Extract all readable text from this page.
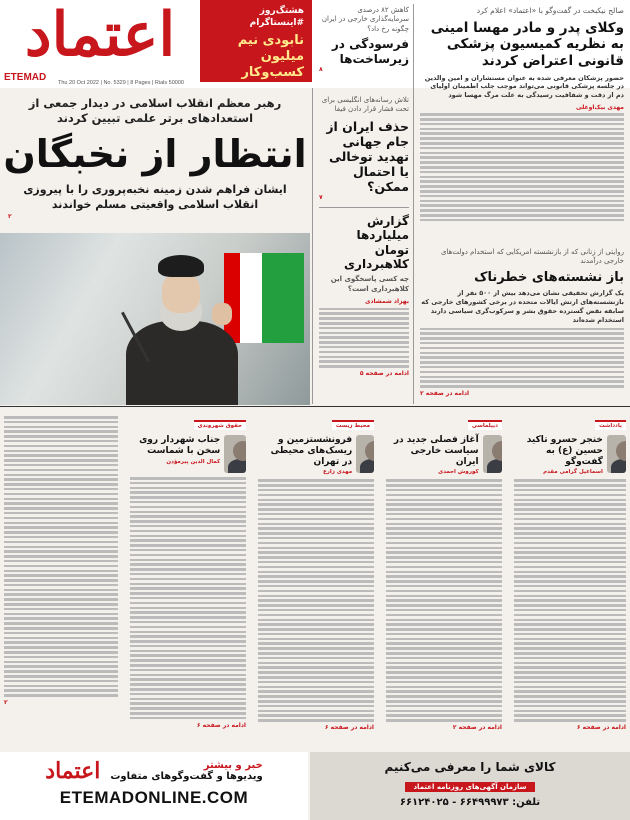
اعتماد
ETEMAD	Thu 20 Oct 2022 | No. 5329 | 8 Pages | Rials 50000
هشتگ‌روز
#اینستاگرام
نابودی نیم میلیون کسب‌وکار
کاهش ۸۲ درصدی سرمایه‌گذاری خارجی در ایران چگونه رخ داد؟
فرسودگی در زیرساخت‌ها
۸
صالح نیکبخت در گفت‌وگو با «اعتماد» اعلام کرد
وکلای پدر و مادر مهسا امینی به نظریه کمیسیون پزشکی قانونی اعتراض کردند
حضور پزشکان معرفی شده به عنوان مستشاران و امین والدین در جلسه پزشکی قانونی می‌تواند موجب جلب اطمینان اولیای دم از دقت و شفافیت رسیدگی به علت مرگ مهسا شود
مهدی بیک‌اوغلی
رهبر معظم انقلاب اسلامی در دیدار جمعی از استعدادهای برتر علمی تبیین کردند
انتظار از نخبگان
ایشان فراهم شدن زمینه نخبه‌پروری را با پیروزی انقلاب اسلامی واقعیتی مسلم خواندند
۲
تلاش رسانه‌های انگلیسی برای تحت فشار قرار دادن فیفا
حذف ایران از جام جهانی تهدید توخالی یا احتمال ممکن؟
۷
گزارش میلیاردها تومان کلاهبرداری
چه کسی پاسخگوی این کلاهبرداری است؟
بهزاد شمشادی
ادامه در صفحه ۵
روایتی از زنانی که از بازنشسته امریکایی که استخدام دولت‌های خارجی درآمدند
باز نشسته‌های خطرناک
یک گزارش تحقیقی نشان می‌دهد بیش از ۵۰۰ نفر از بازنشسته‌های ارتش ایالات متحده در برخی کشورهای خارجی که سابقه نقض گسترده حقوق بشر و سرکوب‌گری سیاسی دارند استخدام شده‌اند
ادامه در صفحه ۲
یادداشت
خنجر حسرو تاکید حسین (ع) به گفت‌وگو
اسماعیل گرامی مقدم
ادامه در صفحه ۶
دیپلماسی
آغاز فصلی جدید در سیاست خارجی ایران
کوروش احمدی
ادامه در صفحه ۲
محیط زیست
فرونشستزمین و ریسک‌های محیطی در تهران
مهدی زارع
ادامه در صفحه ۶
حقوق شهروندی
جناب شهردار روی سخن با شماست
کمال الدین پیرمؤذن
ادامه در صفحه ۶
۲
خبر و بیشتر
ویدیوها و گفت‌وگوهای متفاوت
اعتماد
ETEMADONLINE.COM
کالای شما را معرفی می‌کنیم
سازمان آگهی‌های روزنامه اعتماد
تلفن: ۶۶۴۹۹۹۷۳ - ۶۶۱۲۴۰۲۵
